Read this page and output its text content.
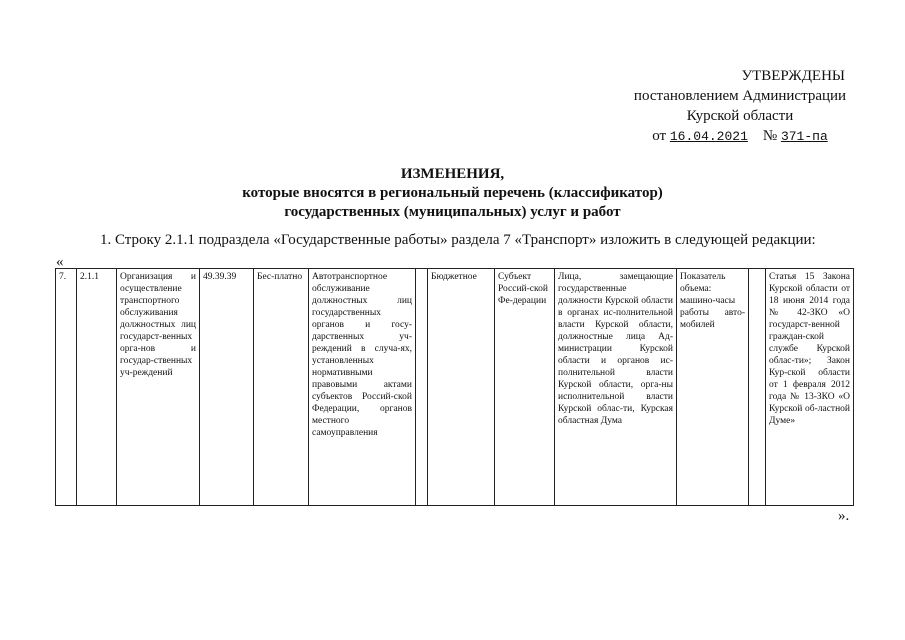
УТВЕРЖДЕНЫ
постановлением Администрации
Курской области
от 16.04.2021 № 371-па
ИЗМЕНЕНИЯ,
которые вносятся в региональный перечень (классификатор)
государственных (муниципальных) услуг и работ
1. Строку 2.1.1 подраздела «Государственные работы» раздела 7 «Транспорт» изложить в следующей редакции:
«
7.	2.1.1	Организация и осуществление транспортного обслуживания должностных лиц государст-венных орга-нов и государ-ственных уч-реждений	49.39.39	Бес-платно	Автотранспортное обслуживание должностных лиц государственных органов и госу-дарственных уч-реждений в случа-ях, установленных нормативными правовыми актами субъектов Россий-ской Федерации, органов местного самоуправления		Бюджетное	Субъект Россий-ской Фе-дерации	Лица, замещающие государственные должности Курской области в органах ис-полнительной власти Курской области, должностные лица Ад-министрации Курской области и органов ис-полнительной власти Курской области, орга-ны исполнительной власти Курской облас-ти, Курская областная Дума	Показатель объема: машино-часы работы авто-мобилей		Статья 15 Закона Курской области от 18 июня 2014 года № 42-ЗКО «О государст-венной граждан-ской службе Курской облас-ти»; Закон Кур-ской области от 1 февраля 2012 года № 13-ЗКО «О Курской об-ластной Думе»
».
